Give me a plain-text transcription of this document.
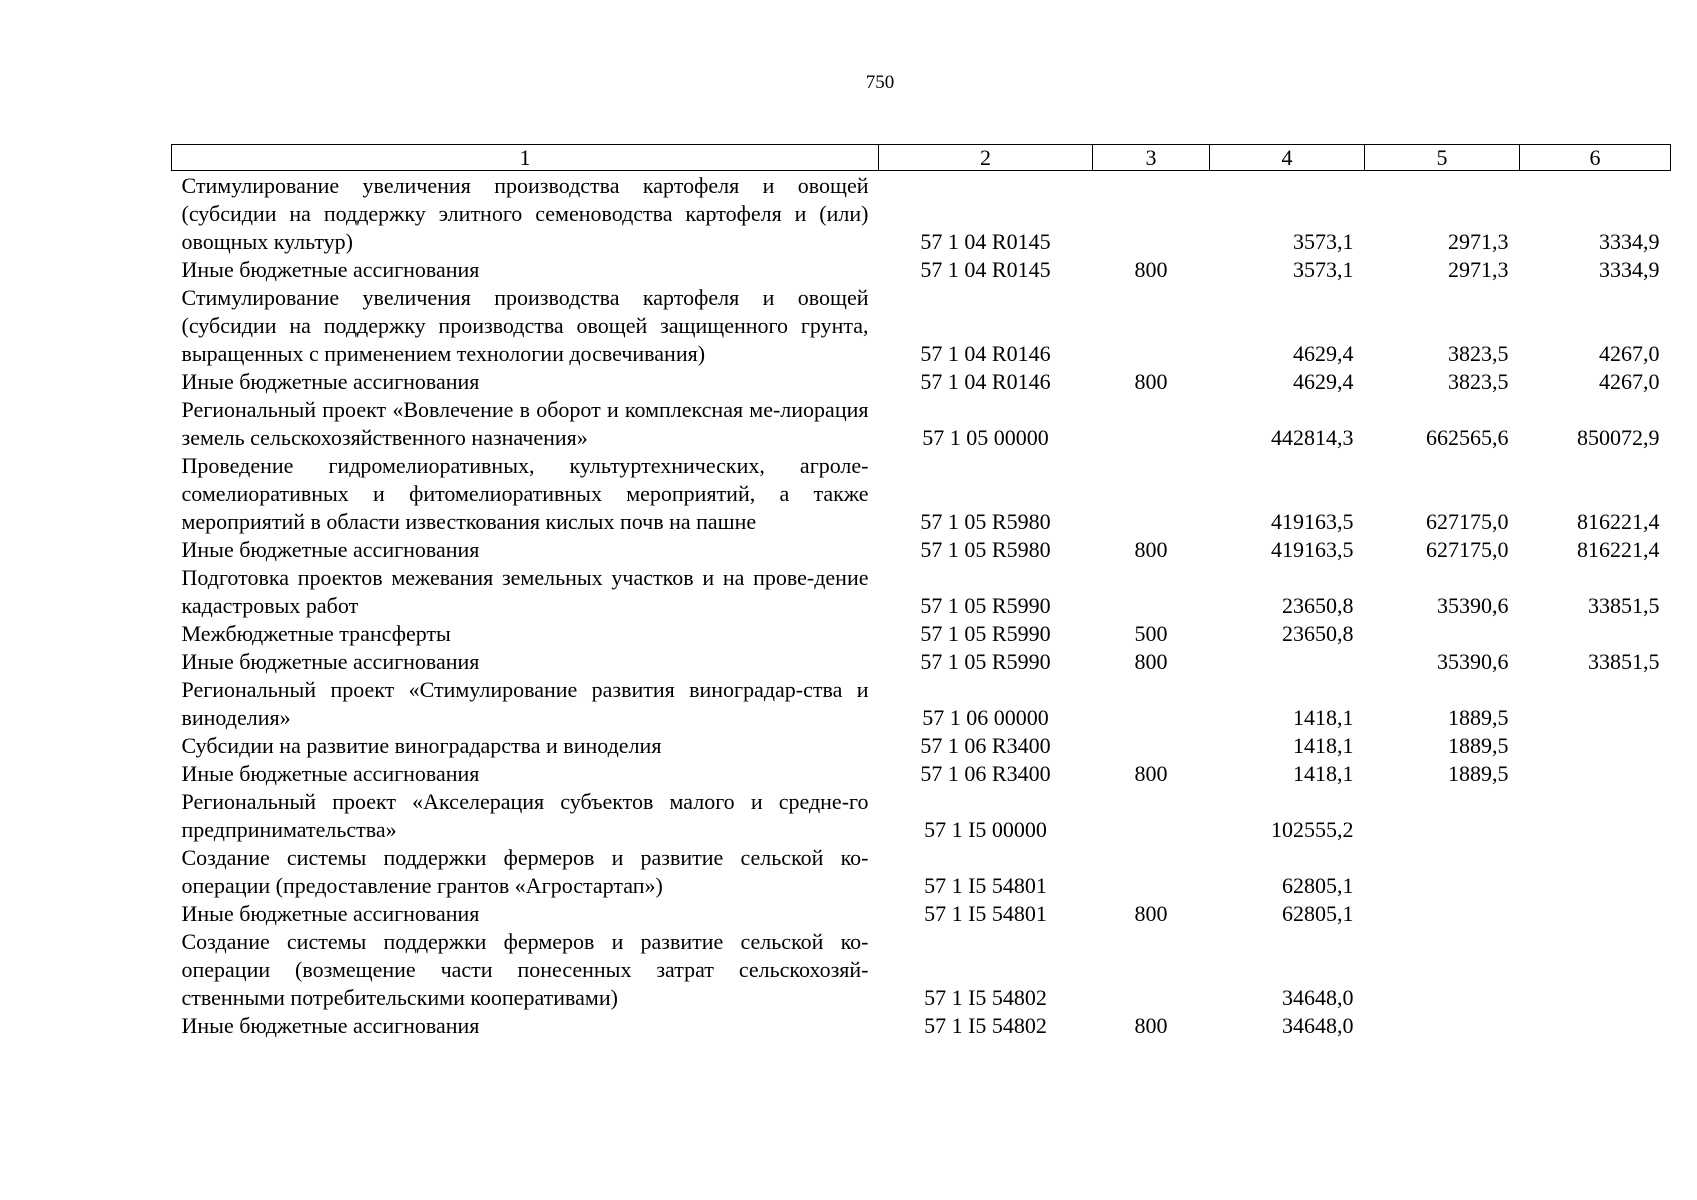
750
1	2	3	4	5	6
Стимулирование увеличения производства картофеля и овощей (субсидии на поддержку элитного семеноводства картофеля и (или) овощных культур)	57 1 04 R0145		3573,1	2971,3	3334,9
Иные бюджетные ассигнования	57 1 04 R0145	800	3573,1	2971,3	3334,9
Стимулирование увеличения производства картофеля и овощей (субсидии на поддержку производства овощей защищенного грунта, выращенных с применением технологии досвечивания)	57 1 04 R0146		4629,4	3823,5	4267,0
Иные бюджетные ассигнования	57 1 04 R0146	800	4629,4	3823,5	4267,0
Региональный проект «Вовлечение в оборот и комплексная ме-лиорация земель сельскохозяйственного назначения»	57 1 05 00000		442814,3	662565,6	850072,9
Проведение гидромелиоративных, культуртехнических, агроле-сомелиоративных и фитомелиоративных мероприятий, а также мероприятий в области известкования кислых почв на пашне	57 1 05 R5980		419163,5	627175,0	816221,4
Иные бюджетные ассигнования	57 1 05 R5980	800	419163,5	627175,0	816221,4
Подготовка проектов межевания земельных участков и на прове-дение кадастровых работ	57 1 05 R5990		23650,8	35390,6	33851,5
Межбюджетные трансферты	57 1 05 R5990	500	23650,8		
Иные бюджетные ассигнования	57 1 05 R5990	800		35390,6	33851,5
Региональный проект «Стимулирование развития виноградар-ства и виноделия»	57 1 06 00000		1418,1	1889,5	
Субсидии на развитие виноградарства и виноделия	57 1 06 R3400		1418,1	1889,5	
Иные бюджетные ассигнования	57 1 06 R3400	800	1418,1	1889,5	
Региональный проект «Акселерация субъектов малого и средне-го предпринимательства»	57 1 I5 00000		102555,2		
Создание системы поддержки фермеров и развитие сельской ко-операции (предоставление грантов «Агростартап»)	57 1 I5 54801		62805,1		
Иные бюджетные ассигнования	57 1 I5 54801	800	62805,1		
Создание системы поддержки фермеров и развитие сельской ко-операции (возмещение части понесенных затрат сельскохозяй-ственными потребительскими кооперативами)	57 1 I5 54802		34648,0		
Иные бюджетные ассигнования	57 1 I5 54802	800	34648,0		
